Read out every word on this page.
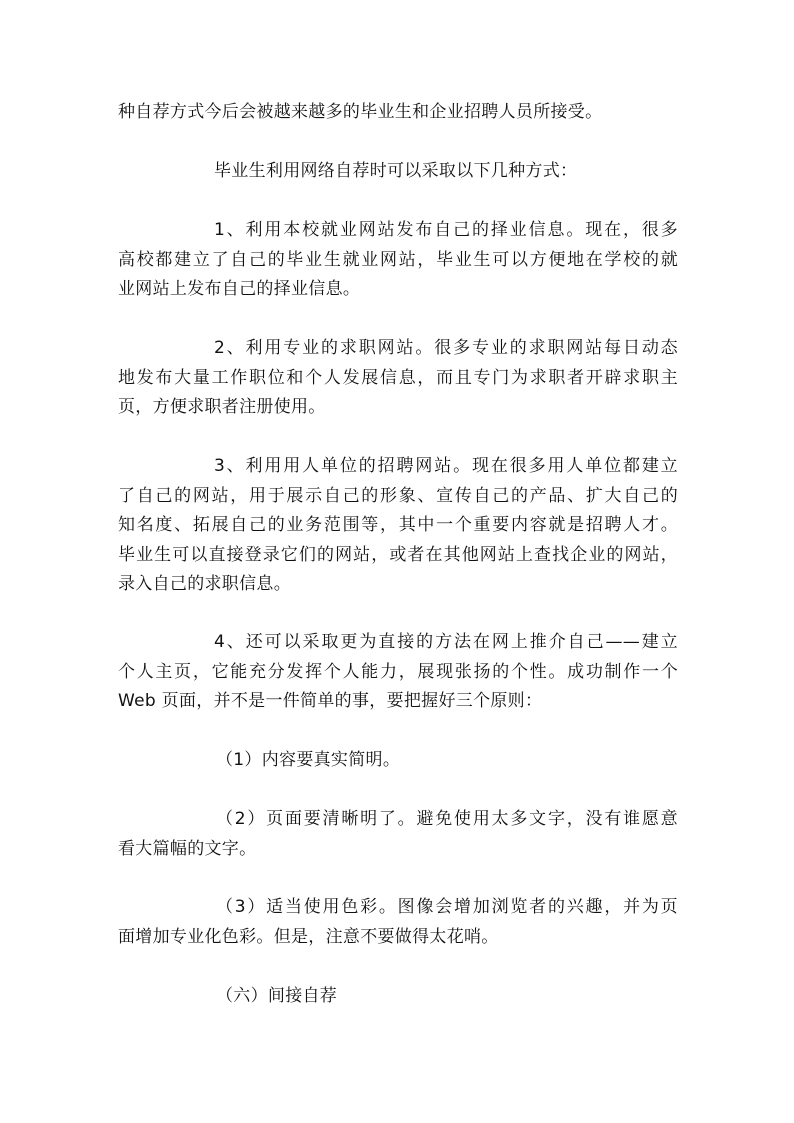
种自荐方式今后会被越来越多的毕业生和企业招聘人员所接受。

毕业生利用网络自荐时可以采取以下几种方式：

1、利用本校就业网站发布自己的择业信息。现在，很多
高校都建立了自己的毕业生就业网站，毕业生可以方便地在学校的就
业网站上发布自己的择业信息。

2、利用专业的求职网站。很多专业的求职网站每日动态
地发布大量工作职位和个人发展信息，而且专门为求职者开辟求职主
页，方便求职者注册使用。

3、利用用人单位的招聘网站。现在很多用人单位都建立
了自己的网站，用于展示自己的形象、宣传自己的产品、扩大自己的
知名度、拓展自己的业务范围等，其中一个重要内容就是招聘人才。
毕业生可以直接登录它们的网站，或者在其他网站上查找企业的网站，
录入自己的求职信息。

4、还可以采取更为直接的方法在网上推介自己——建立
个人主页，它能充分发挥个人能力，展现张扬的个性。成功制作一个
Web 页面，并不是一件简单的事，要把握好三个原则：

（1）内容要真实简明。

（2）页面要清晰明了。避免使用太多文字，没有谁愿意
看大篇幅的文字。

（3）适当使用色彩。图像会增加浏览者的兴趣，并为页
面增加专业化色彩。但是，注意不要做得太花哨。

（六）间接自荐
